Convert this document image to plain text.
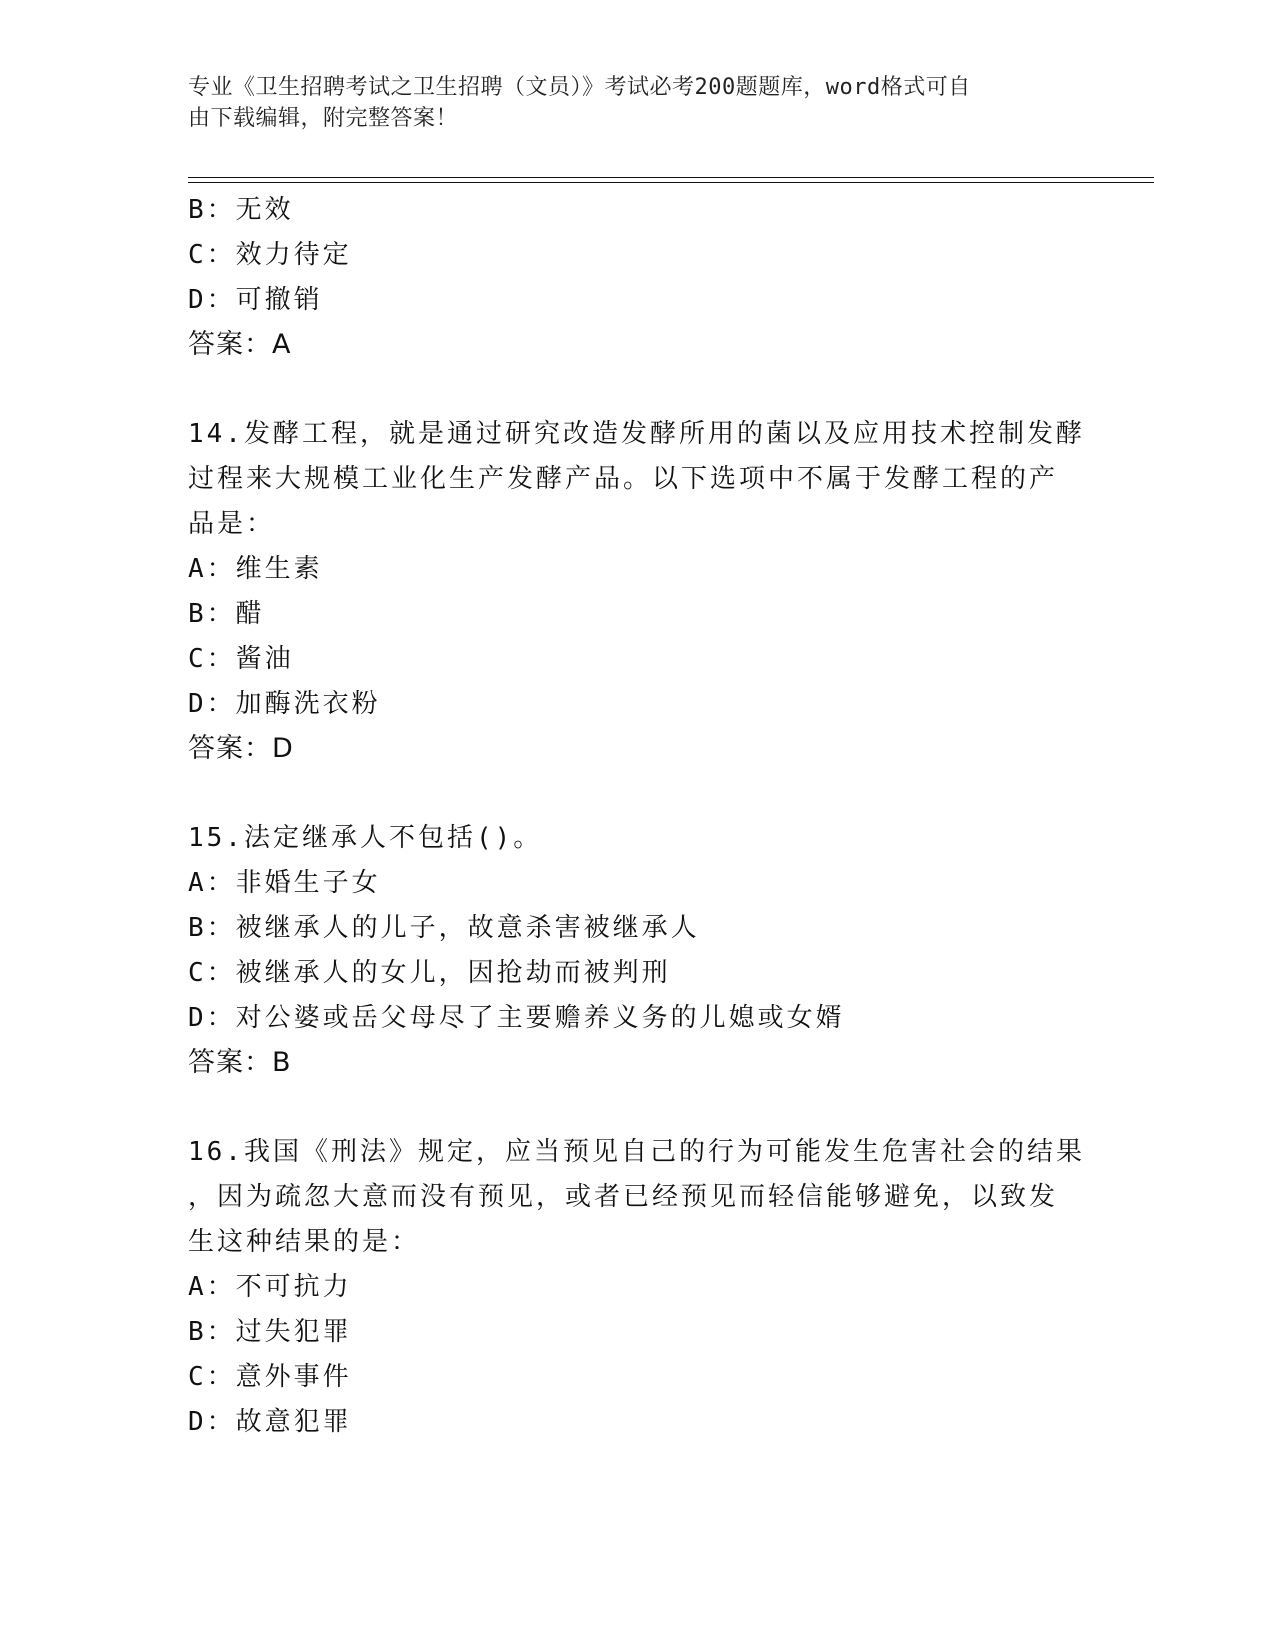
专业《卫生招聘考试之卫生招聘（文员）》考试必考200题题库，word格式可自
由下载编辑，附完整答案！
B：无效
C：效力待定
D：可撤销
答案：A
14.发酵工程，就是通过研究改造发酵所用的菌以及应用技术控制发酵
过程来大规模工业化生产发酵产品。以下选项中不属于发酵工程的产
品是：
A：维生素
B：醋
C：酱油
D：加酶洗衣粉
答案：D
15.法定继承人不包括()。
A：非婚生子女
B：被继承人的儿子，故意杀害被继承人
C：被继承人的女儿，因抢劫而被判刑
D：对公婆或岳父母尽了主要赡养义务的儿媳或女婿
答案：B
16.我国《刑法》规定，应当预见自己的行为可能发生危害社会的结果
，因为疏忽大意而没有预见，或者已经预见而轻信能够避免，以致发
生这种结果的是：
A：不可抗力
B：过失犯罪
C：意外事件
D：故意犯罪
